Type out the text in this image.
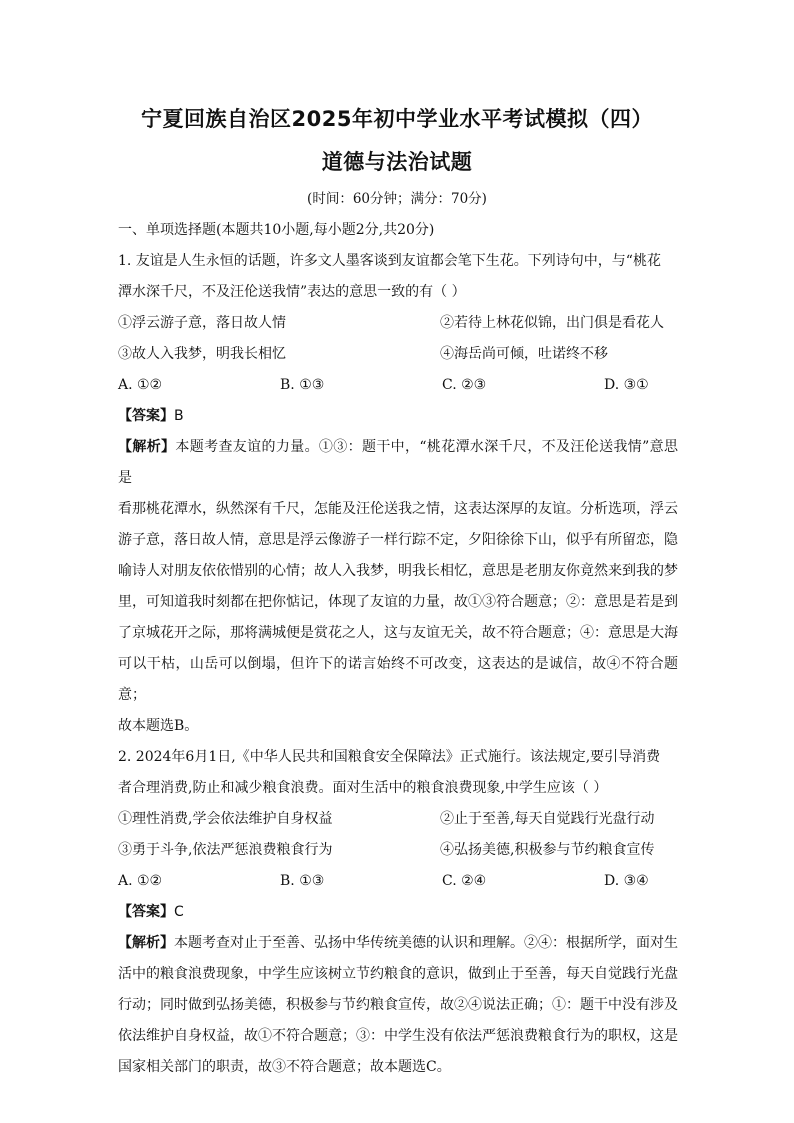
宁夏回族自治区2025年初中学业水平考试模拟（四）
道德与法治试题
(时间：60分钟；满分：70分)
一、单项选择题(本题共10小题,每小题2分,共20分)
1. 友谊是人生永恒的话题，许多文人墨客谈到友谊都会笔下生花。下列诗句中，与“桃花
潭水深千尺，不及汪伦送我情”表达的意思一致的有（ ）
①浮云游子意，落日故人情	②若待上林花似锦，出门俱是看花人
③故人入我梦，明我长相忆	④海岳尚可倾，吐诺终不移
A. ①②	B. ①③	C. ②③	D. ③①
【答案】B
【解析】本题考查友谊的力量。①③：题干中，“桃花潭水深千尺，不及汪伦送我情”意思是
看那桃花潭水，纵然深有千尺，怎能及汪伦送我之情，这表达深厚的友谊。分析选项，浮云
游子意，落日故人情，意思是浮云像游子一样行踪不定，夕阳徐徐下山，似乎有所留恋，隐
喻诗人对朋友依依惜别的心情；故人入我梦，明我长相忆，意思是老朋友你竟然来到我的梦
里，可知道我时刻都在把你惦记，体现了友谊的力量，故①③符合题意；②：意思是若是到
了京城花开之际，那将满城便是赏花之人，这与友谊无关，故不符合题意；④：意思是大海
可以干枯，山岳可以倒塌，但许下的诺言始终不可改变，这表达的是诚信，故④不符合题意；
故本题选B。
2. 2024年6月1日,《中华人民共和国粮食安全保障法》正式施行。该法规定,要引导消费
者合理消费,防止和减少粮食浪费。面对生活中的粮食浪费现象,中学生应该（ ）
①理性消费,学会依法维护自身权益	②止于至善,每天自觉践行光盘行动
③勇于斗争,依法严惩浪费粮食行为	④弘扬美德,积极参与节约粮食宣传
A. ①②	B. ①③	C. ②④	D. ③④
【答案】C
【解析】本题考查对止于至善、弘扬中华传统美德的认识和理解。②④：根据所学，面对生
活中的粮食浪费现象，中学生应该树立节约粮食的意识，做到止于至善，每天自觉践行光盘
行动；同时做到弘扬美德，积极参与节约粮食宣传，故②④说法正确；①：题干中没有涉及
依法维护自身权益，故①不符合题意；③：中学生没有依法严惩浪费粮食行为的职权，这是
国家相关部门的职责，故③不符合题意；故本题选C。
